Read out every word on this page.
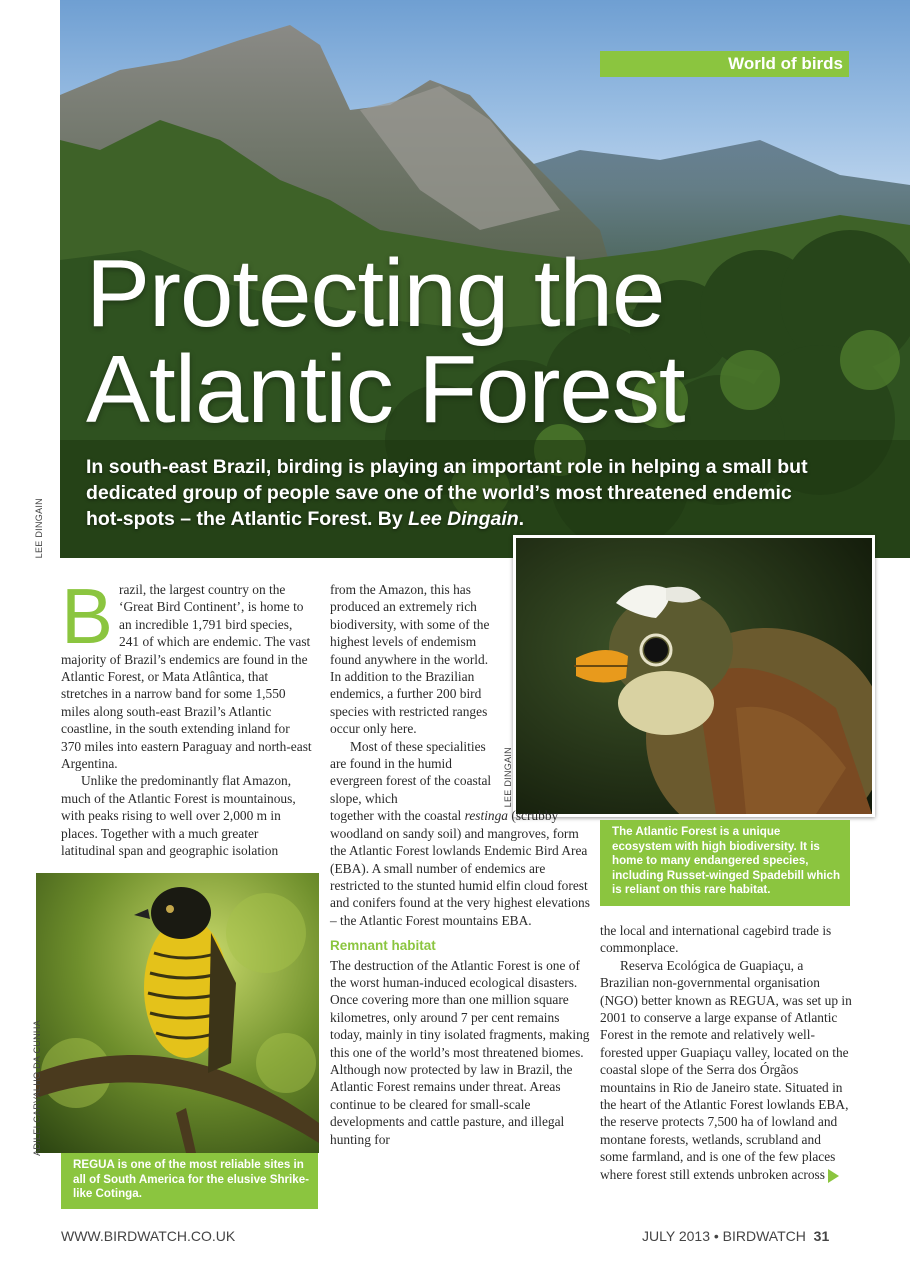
World of birds
Protecting the
Atlantic Forest

In south-east Brazil, birding is playing an important role in helping a small but dedicated group of people save one of the world’s most threatened endemic hot-spots – the Atlantic Forest. By Lee Dingain.

LEE DINGAIN
LEE DINGAIN
The Atlantic Forest is a unique ecosystem with high biodiversity. It is home to many endangered species, including Russet-winged Spadebill which is reliant on this rare habitat.
ADILEI CARVALHO DA CUNHA
REGUA is one of the most reliable sites in all of South America for the elusive Shrike-like Cotinga.

Brazil, the largest country on the ‘Great Bird Continent’, is home to an incredible 1,791 bird species, 241 of which are endemic. The vast majority of Brazil’s endemics are found in the Atlantic Forest, or Mata Atlântica, that stretches in a narrow band for some 1,550 miles along south-east Brazil’s Atlantic coastline, in the south extending inland for 370 miles into eastern Paraguay and north-east Argentina.

Unlike the predominantly flat Amazon, much of the Atlantic Forest is mountainous, with peaks rising to well over 2,000 m in places. Together with a much greater latitudinal span and geographic isolation

from the Amazon, this has produced an extremely rich biodiversity, with some of the highest levels of endemism found anywhere in the world. In addition to the Brazilian endemics, a further 200 bird species with restricted ranges occur only here.

Most of these specialities are found in the humid evergreen forest of the coastal slope, which

together with the coastal restinga (scrubby woodland on sandy soil) and mangroves, form the Atlantic Forest lowlands Endemic Bird Area (EBA). A small number of endemics are restricted to the stunted humid elfin cloud forest and conifers found at the very highest elevations – the Atlantic Forest mountains EBA.

Remnant habitat

The destruction of the Atlantic Forest is one of the worst human-induced ecological disasters. Once covering more than one million square kilometres, only around 7 per cent remains today, mainly in tiny isolated fragments, making this one of the world’s most threatened biomes. Although now protected by law in Brazil, the Atlantic Forest remains under threat. Areas continue to be cleared for small-scale developments and cattle pasture, and illegal hunting for

the local and international cagebird trade is commonplace.

Reserva Ecológica de Guapiaçu, a Brazilian non-governmental organisation (NGO) better known as REGUA, was set up in 2001 to conserve a large expanse of Atlantic Forest in the remote and relatively well-forested upper Guapiaçu valley, located on the coastal slope of the Serra dos Órgãos mountains in Rio de Janeiro state. Situated in the heart of the Atlantic Forest lowlands EBA, the reserve protects 7,500 ha of lowland and montane forests, wetlands, scrubland and some farmland, and is one of the few places where forest still extends unbroken across

WWW.BIRDWATCH.CO.UK	JULY 2013 • BIRDWATCH 31
